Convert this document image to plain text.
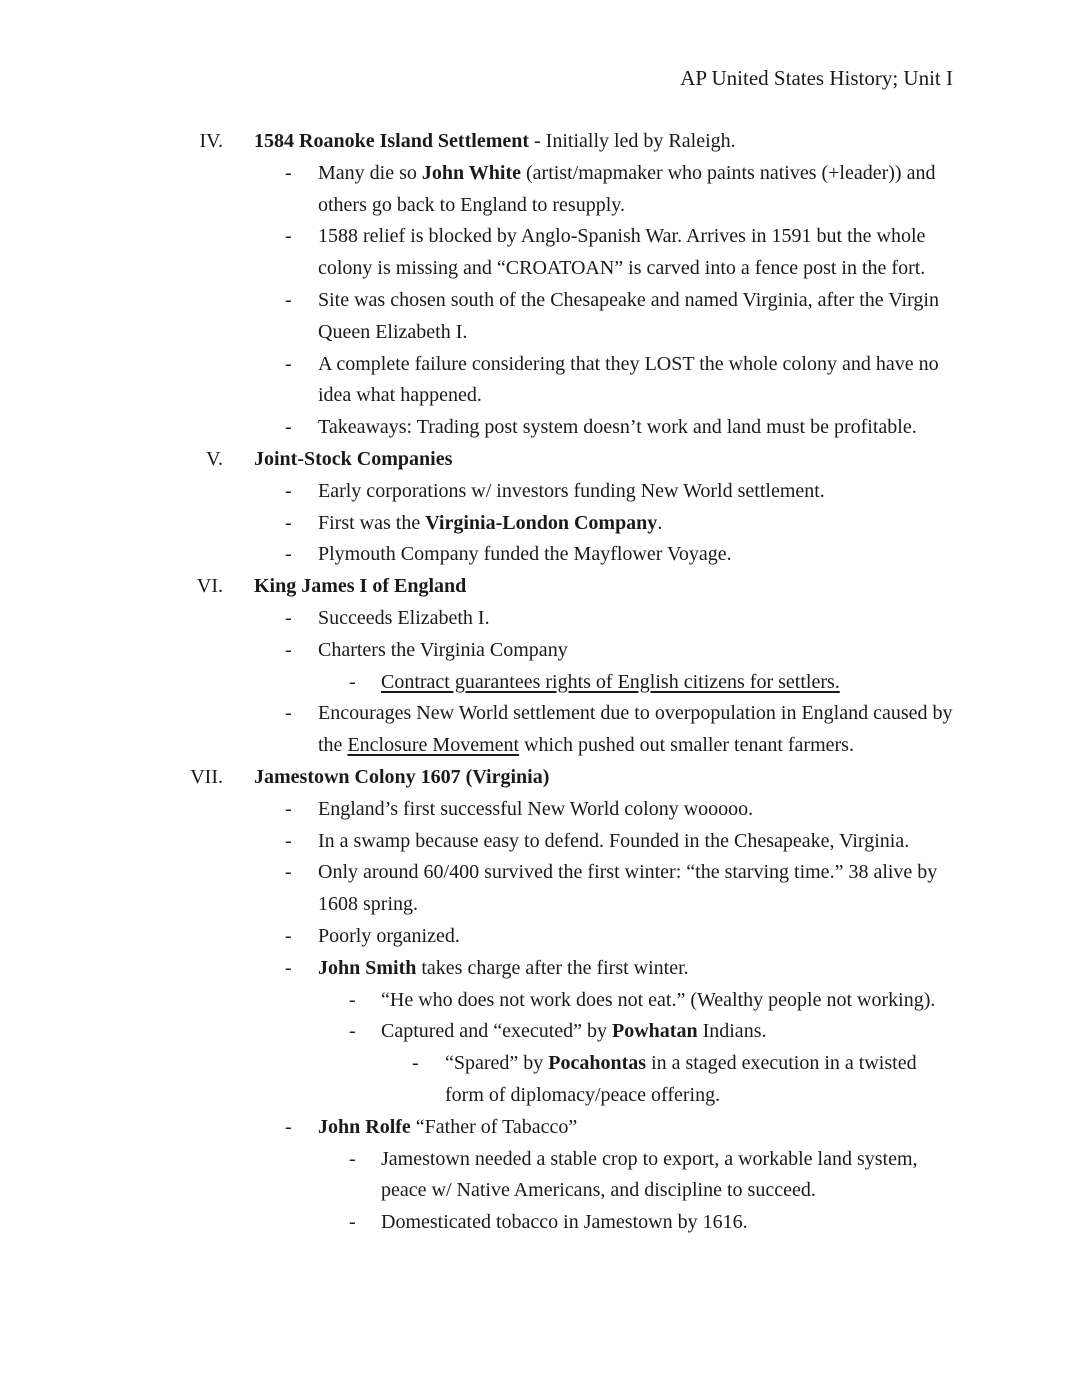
AP United States History; Unit I
IV. 1584 Roanoke Island Settlement - Initially led by Raleigh.
- Many die so John White (artist/mapmaker who paints natives (+leader)) and others go back to England to resupply.
- 1588 relief is blocked by Anglo-Spanish War. Arrives in 1591 but the whole colony is missing and “CROATOAN” is carved into a fence post in the fort.
- Site was chosen south of the Chesapeake and named Virginia, after the Virgin Queen Elizabeth I.
- A complete failure considering that they LOST the whole colony and have no idea what happened.
- Takeaways: Trading post system doesn’t work and land must be profitable.
V. Joint-Stock Companies
- Early corporations w/ investors funding New World settlement.
- First was the Virginia-London Company.
- Plymouth Company funded the Mayflower Voyage.
VI. King James I of England
- Succeeds Elizabeth I.
- Charters the Virginia Company
- Contract guarantees rights of English citizens for settlers.
- Encourages New World settlement due to overpopulation in England caused by the Enclosure Movement which pushed out smaller tenant farmers.
VII. Jamestown Colony 1607 (Virginia)
- England’s first successful New World colony wooooo.
- In a swamp because easy to defend. Founded in the Chesapeake, Virginia.
- Only around 60/400 survived the first winter: “the starving time.” 38 alive by 1608 spring.
- Poorly organized.
- John Smith takes charge after the first winter.
- “He who does not work does not eat.” (Wealthy people not working).
- Captured and “executed” by Powhatan Indians.
- “Spared” by Pocahontas in a staged execution in a twisted form of diplomacy/peace offering.
- John Rolfe “Father of Tabacco”
- Jamestown needed a stable crop to export, a workable land system, peace w/ Native Americans, and discipline to succeed.
- Domesticated tobacco in Jamestown by 1616.
